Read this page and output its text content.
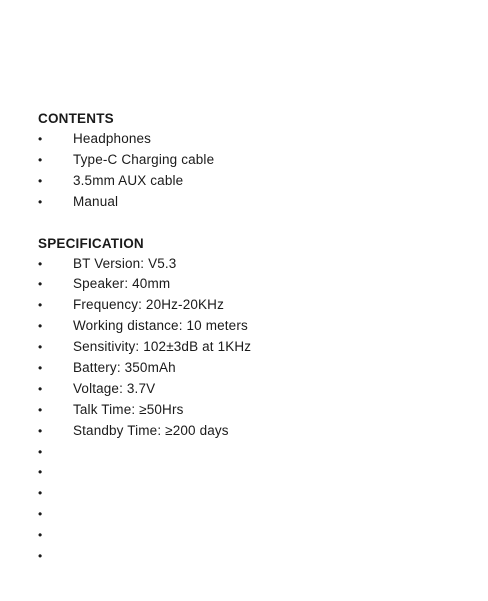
CONTENTS
•	Headphones
•	Type-C Charging cable
•	3.5mm AUX cable
•	Manual
SPECIFICATION
•	BT Version: V5.3
•	Speaker: 40mm
•	Frequency: 20Hz-20KHz
•	Working distance: 10 meters
•	Sensitivity: 102±3dB at 1KHz
•	Battery: 350mAh
•	Voltage: 3.7V
•	Talk Time: ≥50Hrs
•	Standby Time: ≥200 days
•
•
•
•
•
•
